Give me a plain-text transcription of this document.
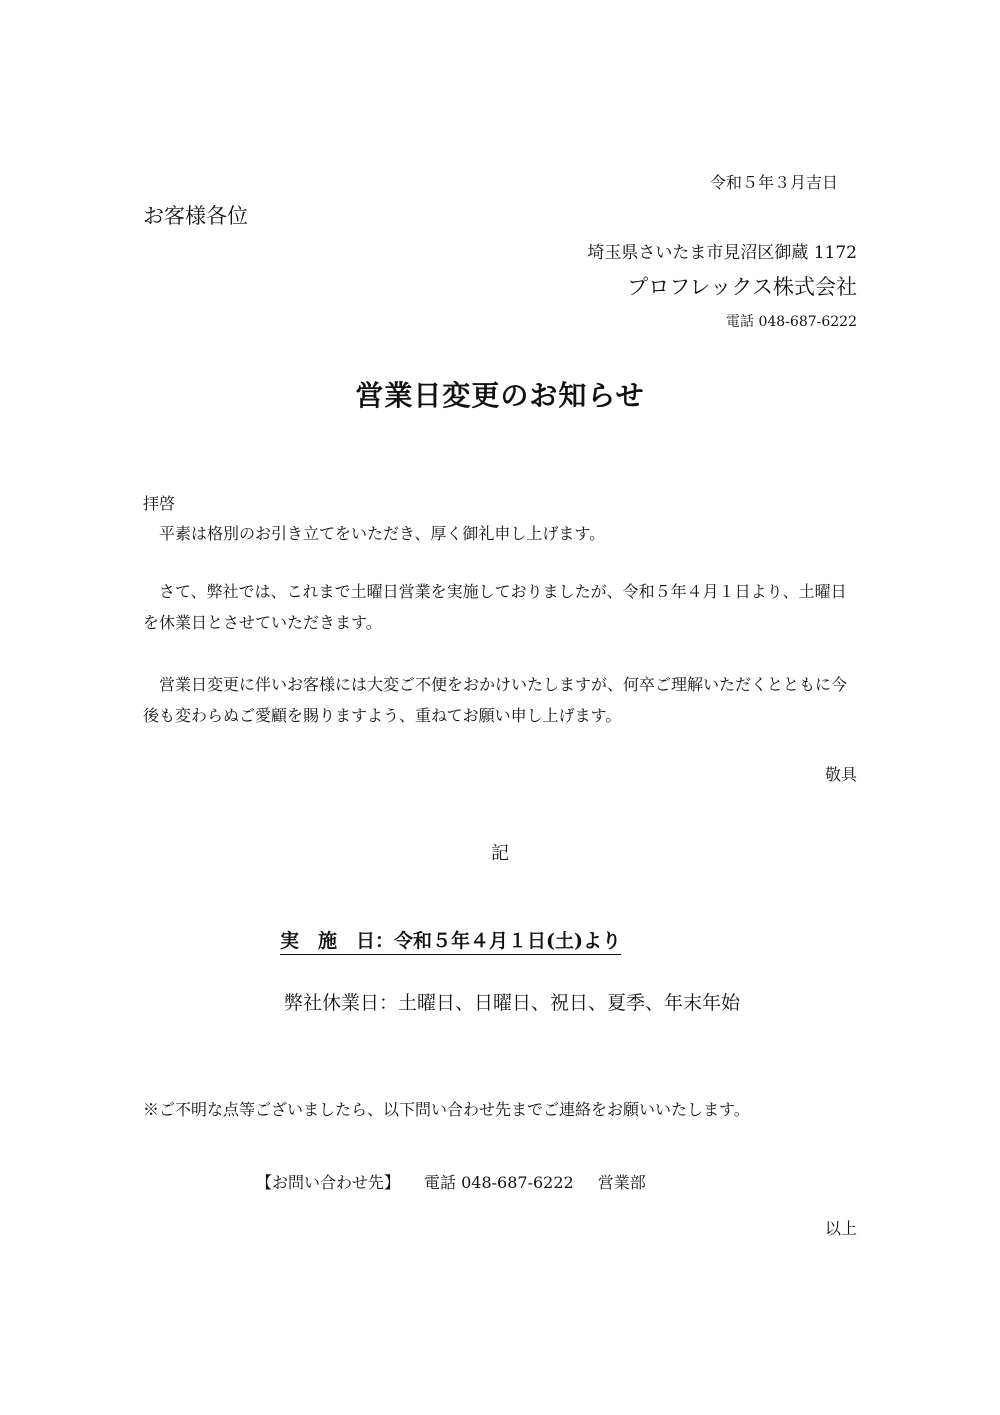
令和５年３月吉日
お客様各位
埼玉県さいたま市見沼区御蔵 1172
プロフレックス株式会社
電話 048-687-6222
営業日変更のお知らせ
拝啓
　平素は格別のお引き立てをいただき、厚く御礼申し上げます。
　さて、弊社では、これまで土曜日営業を実施しておりましたが、令和５年４月１日より、土曜日を休業日とさせていただきます。
　営業日変更に伴いお客様には大変ご不便をおかけいたしますが、何卒ご理解いただくとともに今後も変わらぬご愛顧を賜りますよう、重ねてお願い申し上げます。
敬具
記
実　施　日：令和５年４月１日(土)より
弊社休業日：土曜日、日曜日、祝日、夏季、年末年始
※ご不明な点等ございましたら、以下問い合わせ先までご連絡をお願いいたします。
【お問い合わせ先】 電話 048-687-6222 営業部
以上
